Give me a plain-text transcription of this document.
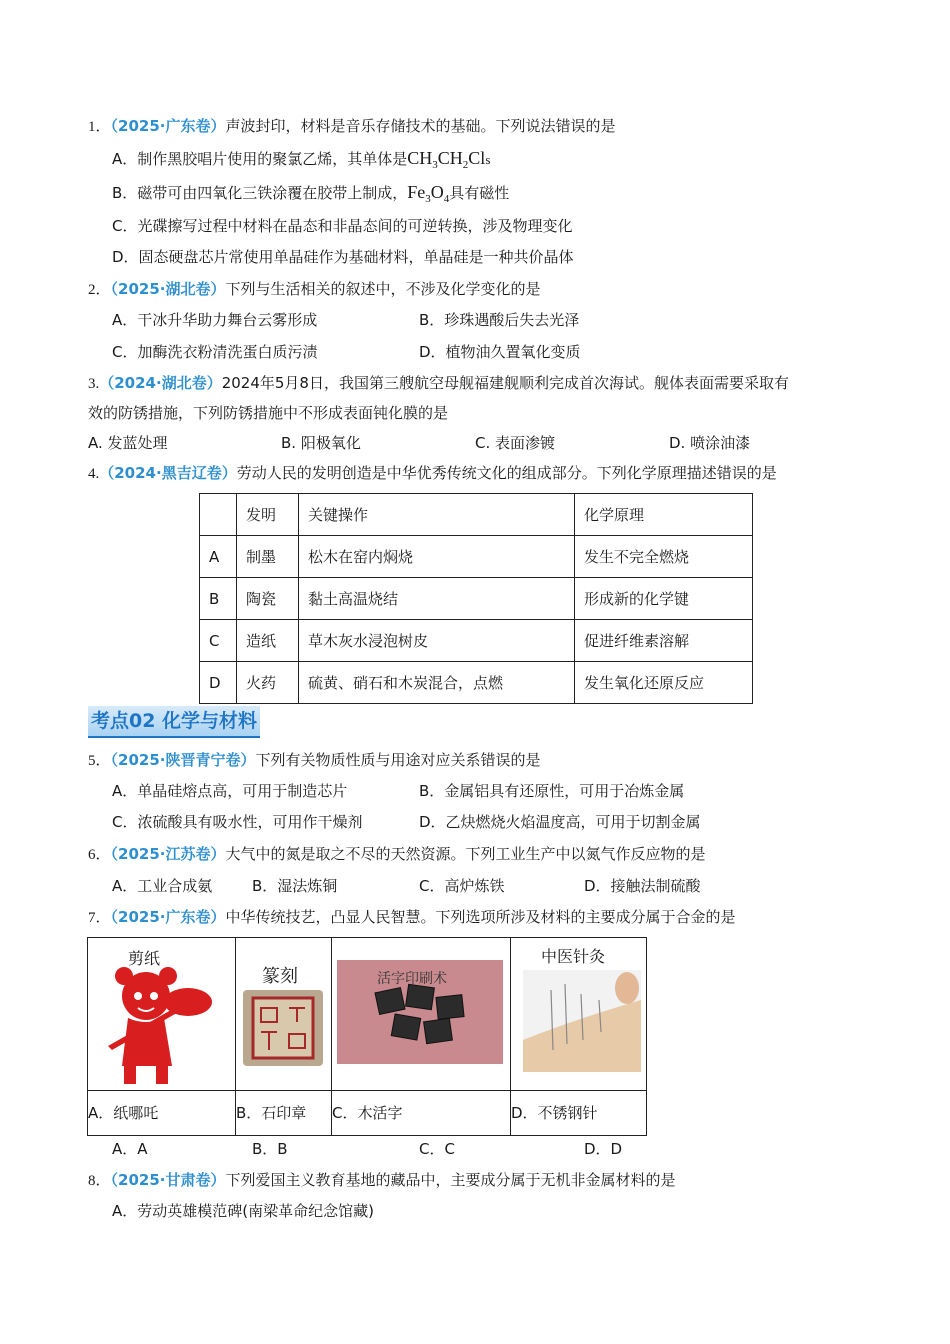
1．（2025·广东卷）声波封印，材料是音乐存储技术的基础。下列说法错误的是
A．制作黑胶唱片使用的聚氯乙烯，其单体是$CH_3CH_2Cls$
B．磁带可由四氧化三铁涂覆在胶带上制成，$Fe_3O_4$具有磁性
C．光碟擦写过程中材料在晶态和非晶态间的可逆转换，涉及物理变化
D．固态硬盘芯片常使用单晶硅作为基础材料，单晶硅是一种共价晶体
2．（2025·湖北卷）下列与生活相关的叙述中，不涉及化学变化的是
A．干冰升华助力舞台云雾形成	B．珍珠遇酸后失去光泽
C．加酶洗衣粉清洗蛋白质污渍	D．植物油久置氧化变质
3.（2024·湖北卷）2024年5月8日，我国第三艘航空母舰福建舰顺利完成首次海试。舰体表面需要采取有
效的防锈措施，下列防锈措施中不形成表面钝化膜的是
A. 发蓝处理	B. 阳极氧化	C. 表面渗镀	D. 喷涂油漆
4.（2024·黑吉辽卷）劳动人民的发明创造是中华优秀传统文化的组成部分。下列化学原理描述错误的是
	发明	关键操作	化学原理
A	制墨	松木在窑内焖烧	发生不完全燃烧
B	陶瓷	黏土高温烧结	形成新的化学键
C	造纸	草木灰水浸泡树皮	促进纤维素溶解
D	火药	硫黄、硝石和木炭混合，点燃	发生氧化还原反应
考点02 化学与材料
5．（2025·陕晋青宁卷）下列有关物质性质与用途对应关系错误的是
A．单晶硅熔点高，可用于制造芯片	B．金属铝具有还原性，可用于冶炼金属
C．浓硫酸具有吸水性，可用作干燥剂	D．乙炔燃烧火焰温度高，可用于切割金属
6．（2025·江苏卷）大气中的氮是取之不尽的天然资源。下列工业生产中以氮气作反应物的是
A．工业合成氨	B．湿法炼铜	C．高炉炼铁	D．接触法制硫酸
7．（2025·广东卷）中华传统技艺，凸显人民智慧。下列选项所涉及材料的主要成分属于合金的是
剪纸	篆刻	活字印刷术	中医针灸

A．纸哪吒	B．石印章	C．木活字	D．不锈钢针
A．A	B．B	C．C	D．D
8．（2025·甘肃卷）下列爱国主义教育基地的藏品中，主要成分属于无机非金属材料的是
A．劳动英雄模范碑(南梁革命纪念馆藏)
